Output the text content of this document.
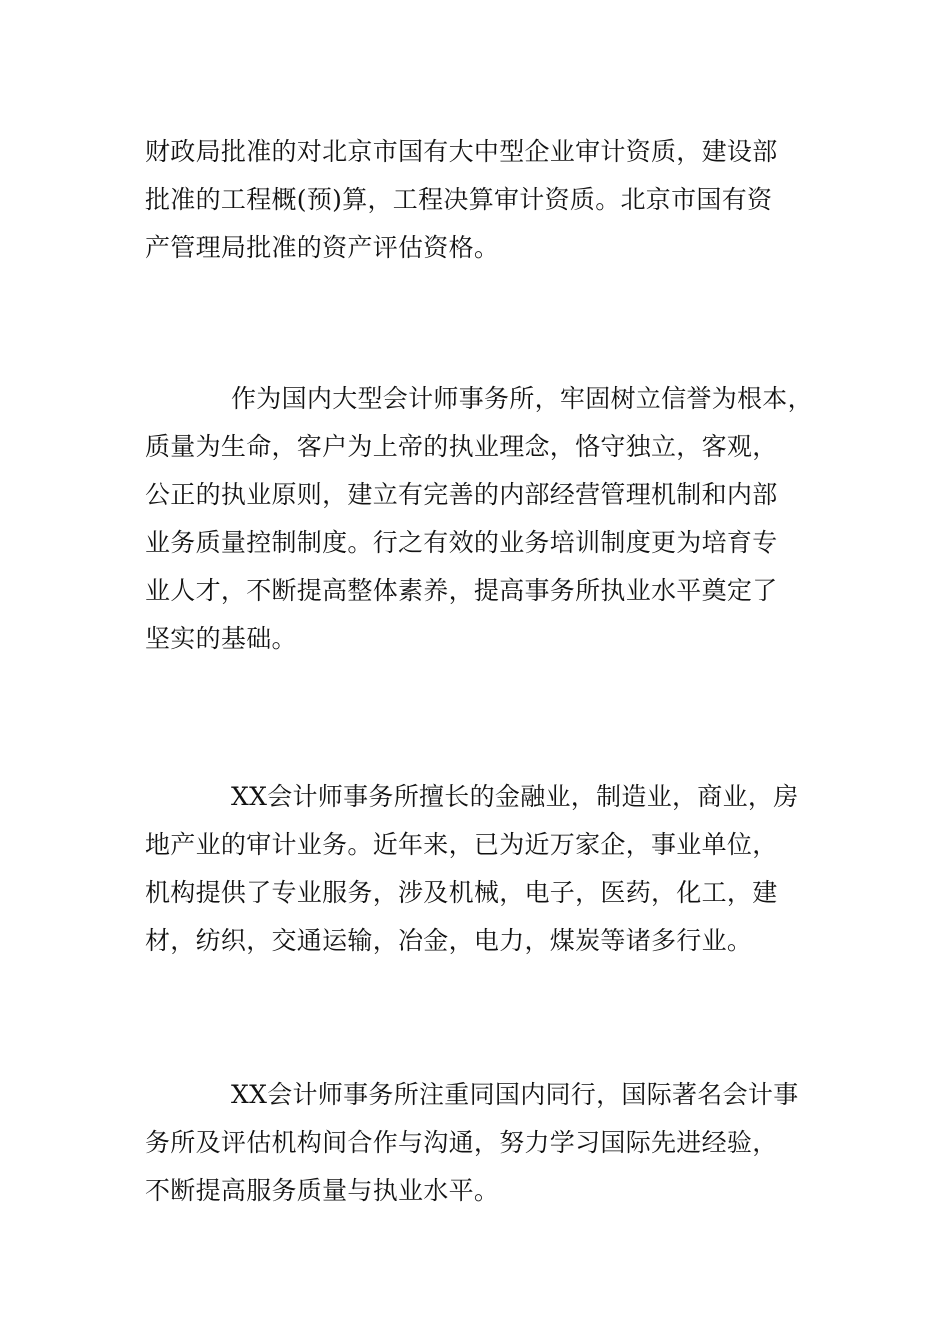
财政局批准的对北京市国有大中型企业审计资质，建设部
批准的工程概(预)算，工程决算审计资质。北京市国有资
产管理局批准的资产评估资格。
作为国内大型会计师事务所，牢固树立信誉为根本，
质量为生命，客户为上帝的执业理念，恪守独立，客观，
公正的执业原则，建立有完善的内部经营管理机制和内部
业务质量控制制度。行之有效的业务培训制度更为培育专
业人才，不断提高整体素养，提高事务所执业水平奠定了
坚实的基础。
XX会计师事务所擅长的金融业，制造业，商业，房
地产业的审计业务。近年来，已为近万家企，事业单位，
机构提供了专业服务，涉及机械，电子，医药，化工，建
材，纺织，交通运输，冶金，电力，煤炭等诸多行业。
XX会计师事务所注重同国内同行，国际著名会计事
务所及评估机构间合作与沟通，努力学习国际先进经验，
不断提高服务质量与执业水平。
